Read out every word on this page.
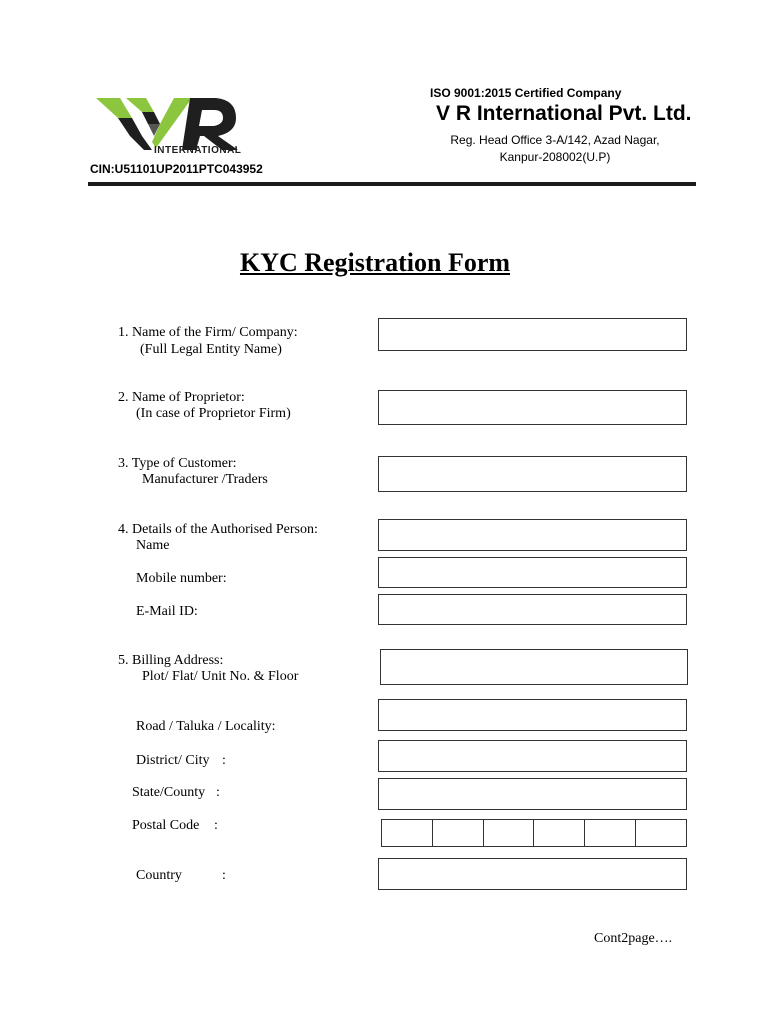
INTERNATIONAL
ISO 9001:2015 Certified Company
V R International Pvt. Ltd.
Reg. Head Office 3-A/142, Azad Nagar,
Kanpur-208002(U.P)
CIN:U51101UP2011PTC043952
KYC Registration Form
1. Name of the Firm/ Company:
(Full Legal Entity Name)
2. Name of Proprietor:
(In case of Proprietor Firm)
3. Type of Customer:
Manufacturer /Traders
4. Details of the Authorised Person:
Name
Mobile number:
E-Mail ID:
5. Billing Address:
Plot/ Flat/ Unit No. & Floor
Road / Taluka / Locality:
District/ City :
State/County :
Postal Code :
Country	:
Cont2page….
